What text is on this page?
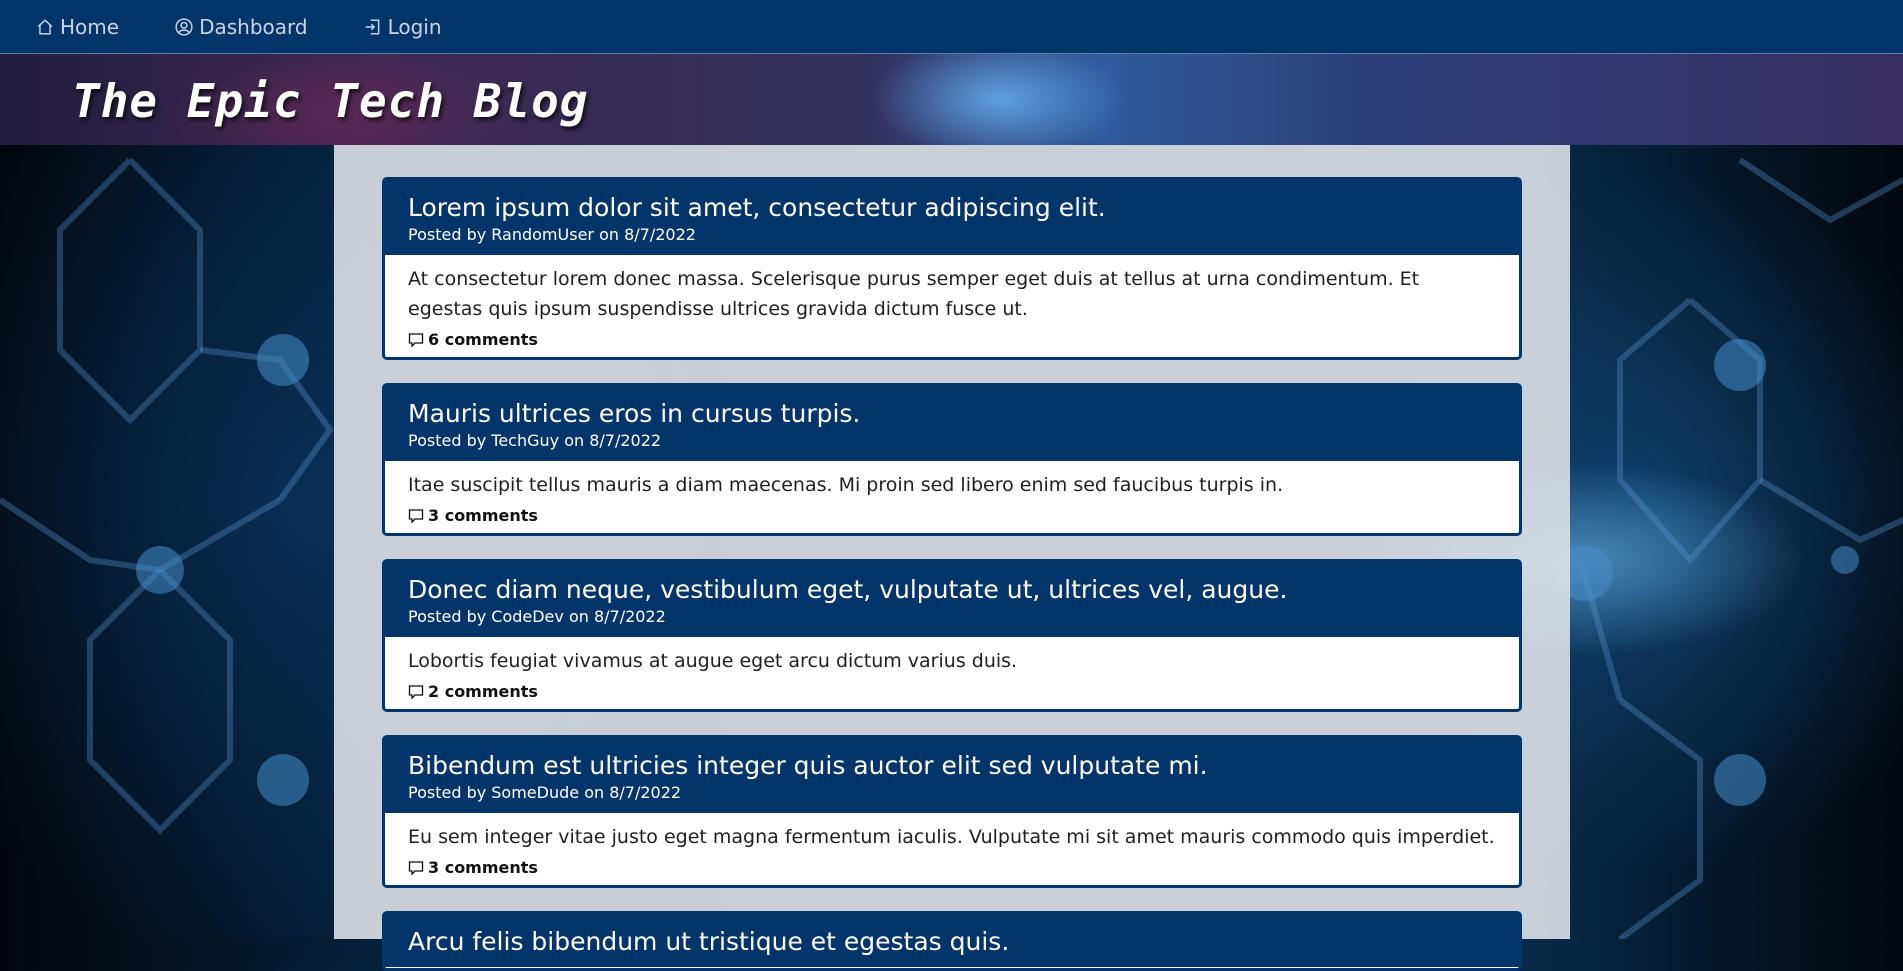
Home	Dashboard	Login
The Epic Tech Blog
Lorem ipsum dolor sit amet, consectetur adipiscing elit.
Posted by RandomUser on 8/7/2022
At consectetur lorem donec massa. Scelerisque purus semper eget duis at tellus at urna condimentum. Et egestas quis ipsum suspendisse ultrices gravida dictum fusce ut.
6 comments
Mauris ultrices eros in cursus turpis.
Posted by TechGuy on 8/7/2022
Itae suscipit tellus mauris a diam maecenas. Mi proin sed libero enim sed faucibus turpis in.
3 comments
Donec diam neque, vestibulum eget, vulputate ut, ultrices vel, augue.
Posted by CodeDev on 8/7/2022
Lobortis feugiat vivamus at augue eget arcu dictum varius duis.
2 comments
Bibendum est ultricies integer quis auctor elit sed vulputate mi.
Posted by SomeDude on 8/7/2022
Eu sem integer vitae justo eget magna fermentum iaculis. Vulputate mi sit amet mauris commodo quis imperdiet.
3 comments
Arcu felis bibendum ut tristique et egestas quis.
